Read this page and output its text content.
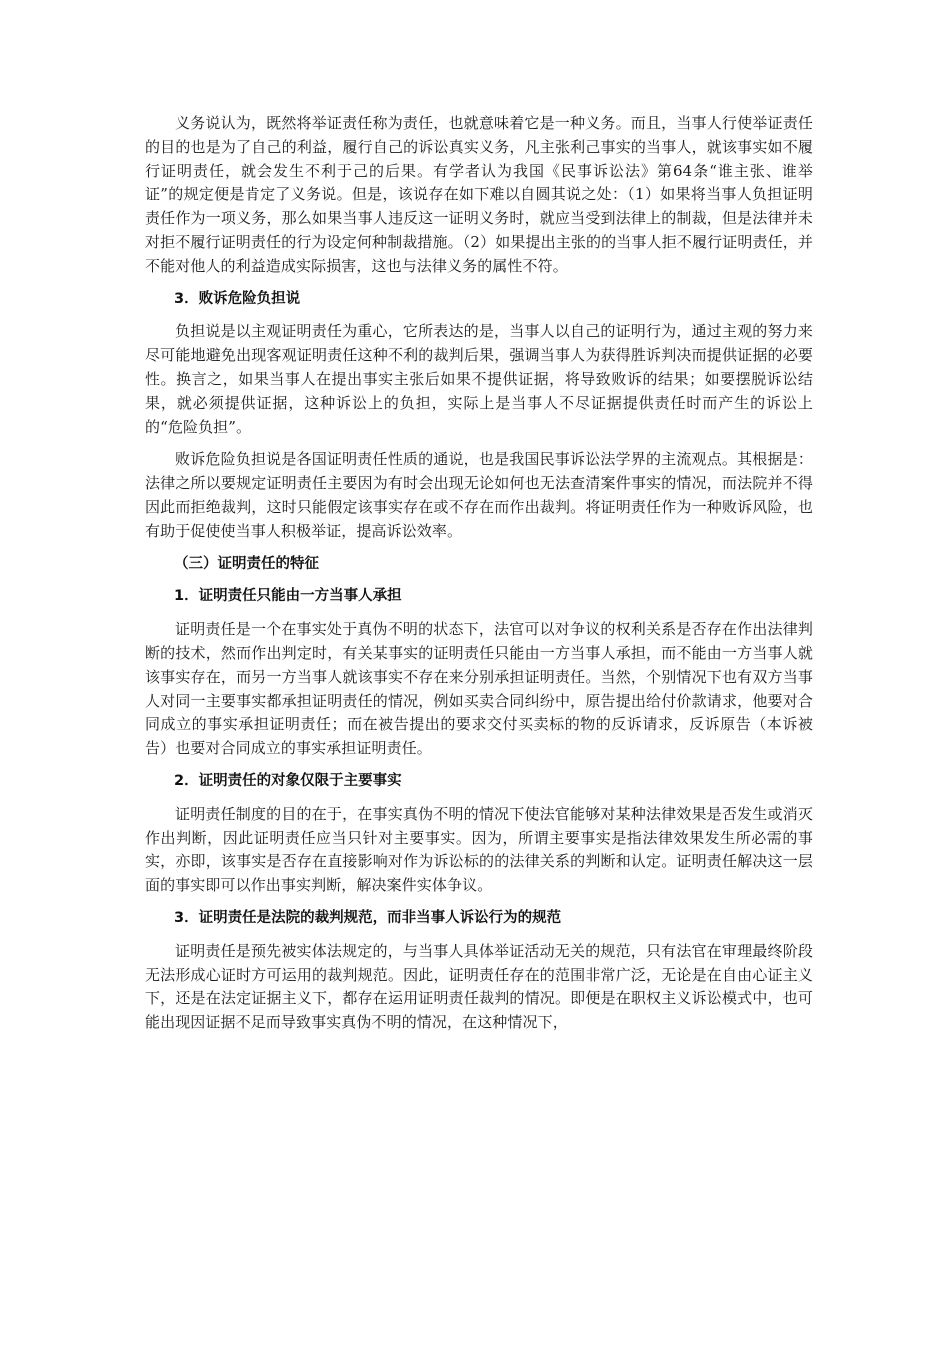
义务说认为，既然将举证责任称为责任，也就意味着它是一种义务。而且，当事人行使举证责任的目的也是为了自己的利益，履行自己的诉讼真实义务，凡主张利己事实的当事人，就该事实如不履行证明责任，就会发生不利于己的后果。有学者认为我国《民事诉讼法》第64条“谁主张、谁举证”的规定便是肯定了义务说。但是，该说存在如下难以自圆其说之处：（1）如果将当事人负担证明责任作为一项义务，那么如果当事人违反这一证明义务时，就应当受到法律上的制裁，但是法律并未对拒不履行证明责任的行为设定何种制裁措施。（2）如果提出主张的的当事人拒不履行证明责任，并不能对他人的利益造成实际损害，这也与法律义务的属性不符。

3．败诉危险负担说

负担说是以主观证明责任为重心，它所表达的是，当事人以自己的证明行为，通过主观的努力来尽可能地避免出现客观证明责任这种不利的裁判后果，强调当事人为获得胜诉判决而提供证据的必要性。换言之，如果当事人在提出事实主张后如果不提供证据，将导致败诉的结果；如要摆脱诉讼结果，就必须提供证据，这种诉讼上的负担，实际上是当事人不尽证据提供责任时而产生的诉讼上的“危险负担”。

败诉危险负担说是各国证明责任性质的通说，也是我国民事诉讼法学界的主流观点。其根据是：法律之所以要规定证明责任主要因为有时会出现无论如何也无法查清案件事实的情况，而法院并不得因此而拒绝裁判，这时只能假定该事实存在或不存在而作出裁判。将证明责任作为一种败诉风险，也有助于促使使当事人积极举证，提高诉讼效率。

（三）证明责任的特征
1．证明责任只能由一方当事人承担

证明责任是一个在事实处于真伪不明的状态下，法官可以对争议的权利关系是否存在作出法律判断的技术，然而作出判定时，有关某事实的证明责任只能由一方当事人承担，而不能由一方当事人就该事实存在，而另一方当事人就该事实不存在来分别承担证明责任。当然，个别情况下也有双方当事人对同一主要事实都承担证明责任的情况，例如买卖合同纠纷中，原告提出给付价款请求，他要对合同成立的事实承担证明责任；而在被告提出的要求交付买卖标的物的反诉请求，反诉原告（本诉被告）也要对合同成立的事实承担证明责任。

2．证明责任的对象仅限于主要事实

证明责任制度的目的在于，在事实真伪不明的情况下使法官能够对某种法律效果是否发生或消灭作出判断，因此证明责任应当只针对主要事实。因为，所谓主要事实是指法律效果发生所必需的事实，亦即，该事实是否存在直接影响对作为诉讼标的的法律关系的判断和认定。证明责任解决这一层面的事实即可以作出事实判断，解决案件实体争议。

3．证明责任是法院的裁判规范，而非当事人诉讼行为的规范

证明责任是预先被实体法规定的，与当事人具体举证活动无关的规范，只有法官在审理最终阶段无法形成心证时方可运用的裁判规范。因此，证明责任存在的范围非常广泛，无论是在自由心证主义下，还是在法定证据主义下，都存在运用证明责任裁判的情况。即便是在职权主义诉讼模式中，也可能出现因证据不足而导致事实真伪不明的情况，在这种情况下，
